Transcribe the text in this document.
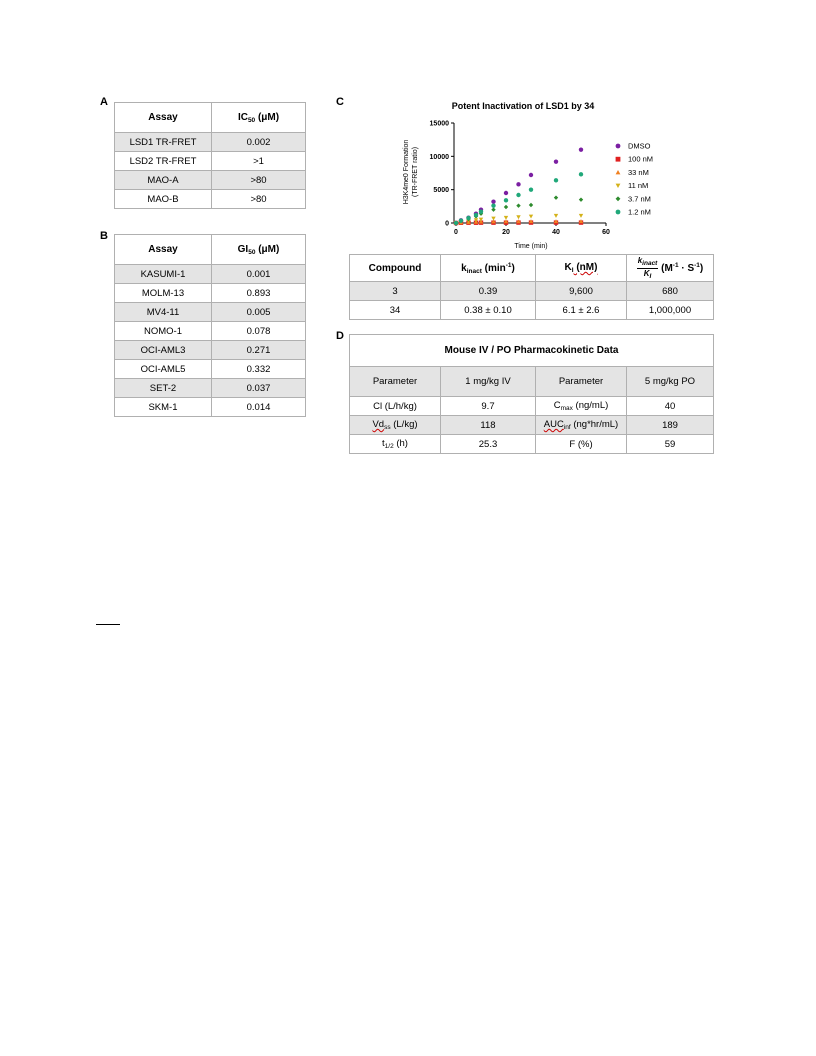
A
B
C
D
Assay	$IC_{50}$ (μM)
LSD1 TR-FRET	0.002
LSD2 TR-FRET	>1
MAO-A	>80
MAO-B	>80
Assay	$GI_{50}$ (μM)
KASUMI-1	0.001
MOLM-13	0.893
MV4-11	0.005
NOMO-1	0.078
OCI-AML3	0.271
OCI-AML5	0.332
SET-2	0.037
SKM-1	0.014
Potent Inactivation of LSD1 by 34
0	20	40	60
0
5000
10000
15000
DMSO
100 nM
33 nM
11 nM
3.7 nM
1.2 nM
Time (min)
H3K4me0 Formation (TR-FRET ratio)
Compound	$k_{inact}$ $(\min^{-1})$	$K_I$ (nM)	$\frac{k_{inact}}{K_I} (M^{-1} \cdot S^{-1})$
3	0.39	9,600	680
34	0.38 ± 0.10	6.1 ± 2.6	1,000,000
Mouse IV / PO Pharmacokinetic Data			
Parameter	1 mg/kg IV	Parameter	5 mg/kg PO
Cl (L/h/kg)	9.7	$C_{max}$ (ng/mL)	40
$Vd_{ss}$ (L/kg)	118	$AUC_{inf}$ (ng*hr/mL)	189
$t_{1/2}$ (h)	25.3	F (%)	59
